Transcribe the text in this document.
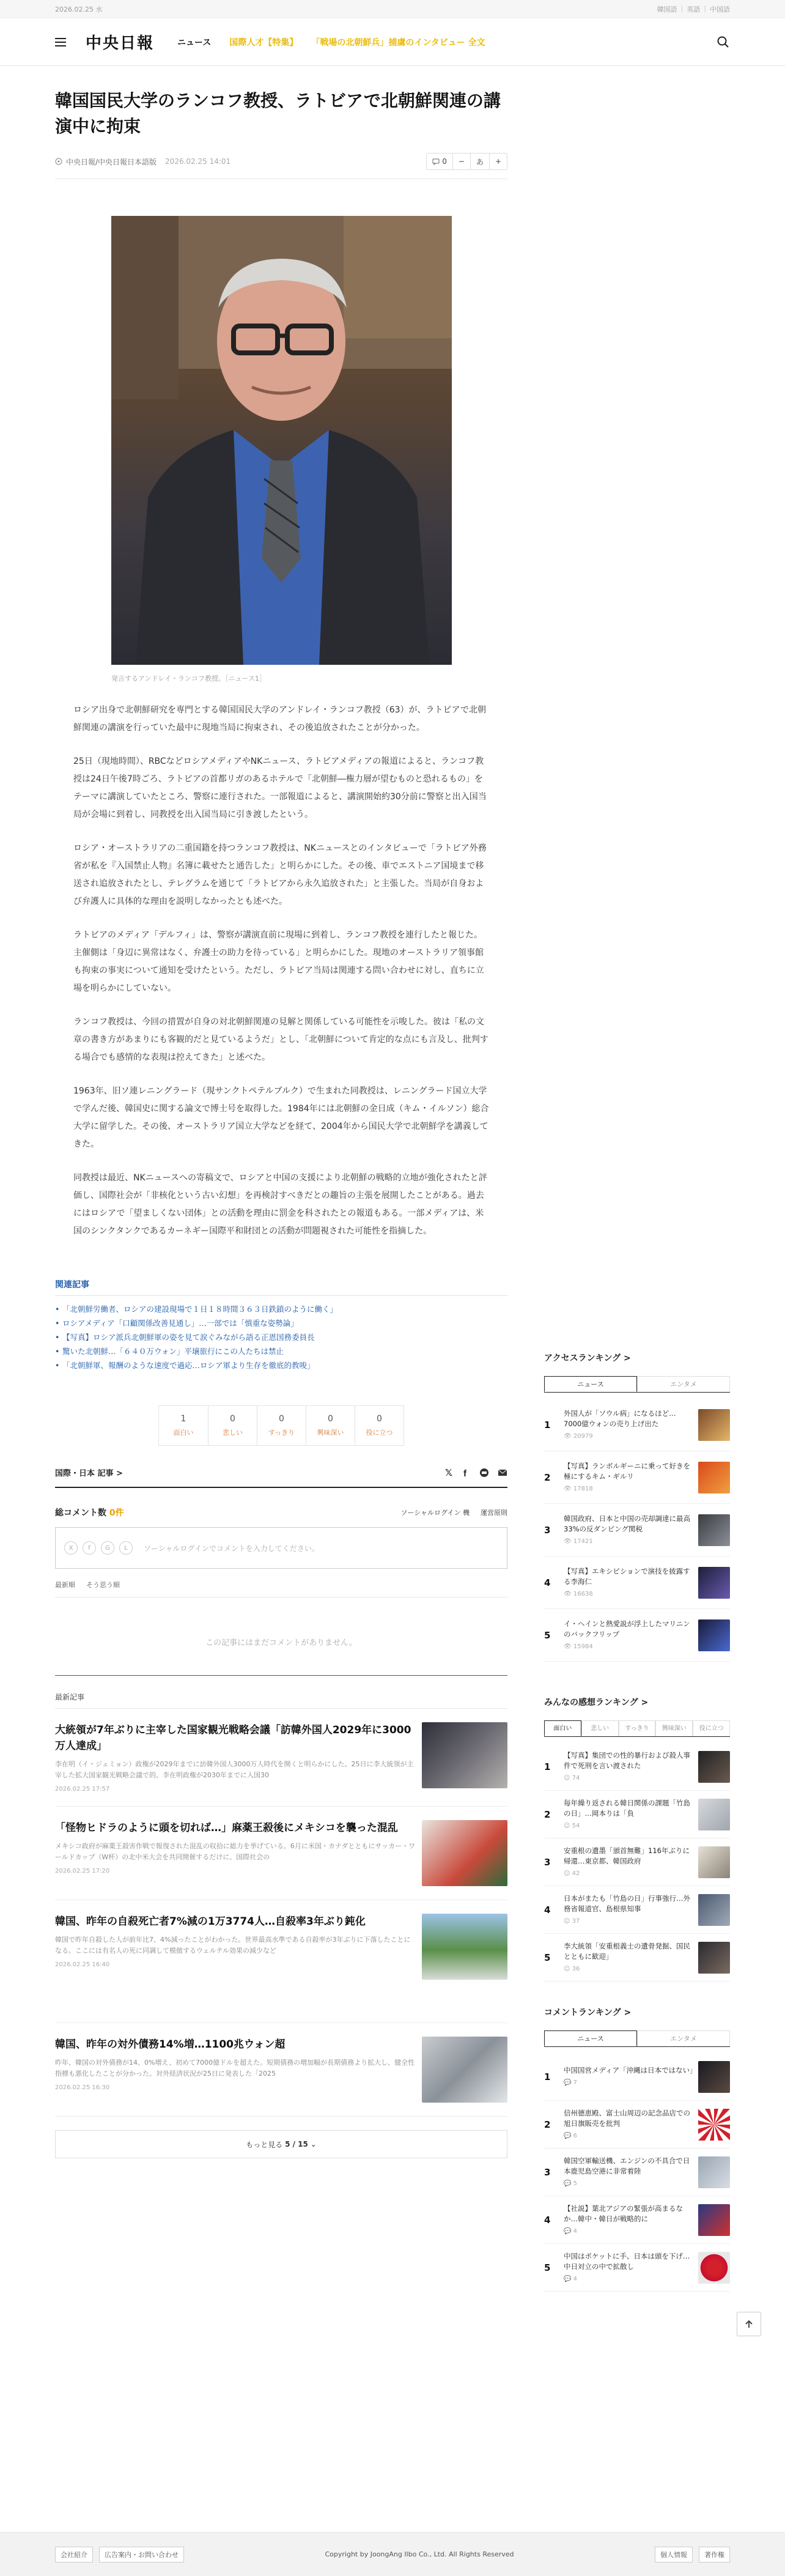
2026.02.25 水	韓国語 | 英語 | 中国語
中央日報	ニュース 国際人才【特集】 「戦場の北朝鮮兵」捕虜のインタビュー 全文
韓国国民大学のランコフ教授、ラトビアで北朝鮮関連の講演中に拘束
中央日報/中央日報日本語版 2026.02.25 14:01	0	−	あ	+
発言するアンドレイ・ランコフ教授。［ニュース1］

ロシア出身で北朝鮮研究を専門とする韓国国民大学のアンドレイ・ランコフ教授（63）が、ラトビアで北朝鮮関連の講演を行っていた最中に現地当局に拘束され、その後追放されたことが分かった。

25日（現地時間）、RBCなどロシアメディアやNKニュース、ラトビアメディアの報道によると、ランコフ教授は24日午後7時ごろ、ラトビアの首都リガのあるホテルで「北朝鮮―権力層が望むものと恐れるもの」をテーマに講演していたところ、警察に連行された。一部報道によると、講演開始約30分前に警察と出入国当局が会場に到着し、同教授を出入国当局に引き渡したという。

ロシア・オーストラリアの二重国籍を持つランコフ教授は、NKニュースとのインタビューで「ラトビア外務省が私を『入国禁止人物』名簿に載せたと通告した」と明らかにした。その後、車でエストニア国境まで移送され追放されたとし、テレグラムを通じて「ラトビアから永久追放された」と主張した。当局が自身および弁護人に具体的な理由を説明しなかったとも述べた。

ラトビアのメディア「デルフィ」は、警察が講演直前に現場に到着し、ランコフ教授を連行したと報じた。主催側は「身辺に異常はなく、弁護士の助力を待っている」と明らかにした。現地のオーストラリア領事館も拘束の事実について通知を受けたという。ただし、ラトビア当局は関連する問い合わせに対し、直ちに立場を明らかにしていない。

ランコフ教授は、今回の措置が自身の対北朝鮮関連の見解と関係している可能性を示唆した。彼は「私の文章の書き方があまりにも客観的だと見ているようだ」とし、「北朝鮮について肯定的な点にも言及し、批判する場合でも感情的な表現は控えてきた」と述べた。

1963年、旧ソ連レニングラード（現サンクトペテルブルク）で生まれた同教授は、レニングラード国立大学で学んだ後、韓国史に関する論文で博士号を取得した。1984年には北朝鮮の金日成（キム・イルソン）総合大学に留学した。その後、オーストラリア国立大学などを経て、2004年から国民大学で北朝鮮学を講義してきた。

同教授は最近、NKニュースへの寄稿文で、ロシアと中国の支援により北朝鮮の戦略的立地が強化されたと評価し、国際社会が「非核化という古い幻想」を再検討すべきだとの趣旨の主張を展開したことがある。過去にはロシアで「望ましくない団体」との活動を理由に罰金を科されたとの報道もある。一部メディアは、米国のシンクタンクであるカーネギー国際平和財団との活動が問題視された可能性を指摘した。

関連記事
• 「北朝鮮労働者、ロシアの建設現場で１日１８時間３６３日鉄鎖のように働く」
• ロシアメディア「口顧関係改善見通し」…一部では「慎重な姿勢論」
• 【写真】ロシア派兵北朝鮮軍の姿を見て涙ぐみながら語る正恩国務委員長
• 驚いた北朝鮮…「６４０万ウォン」平壌旅行にこの人たちは禁止
• 「北朝鮮軍、報酬のような速度で過応…ロシア軍より生存を徹底的教唆」
1
面白い
0
悲しい
0
すっきり
0
興味深い
0
役に立つ
国際・日本 記事 >	𝕏 f
総コメント数 0件	ソーシャルログイン 機 運営原則
X	f	G	L	ソーシャルログインでコメントを入力してください。
最新順 そう思う順
この記事にはまだコメントがありません。
最新記事
大統領が7年ぶりに主宰した国家観光戦略会議「訪韓外国人2029年に3000万人達成」
李在明（イ・ジェミョン）政権が2029年までに訪韓外国人3000万人時代を開くと明らかにした。25日に李大統領が主宰した拡大国家観光戦略会議で的。李在明政権が2030年までに入国30
2026.02.25 17:57
「怪物ヒドラのように頭を切れば…」麻薬王殺後にメキシコを襲った混乱
メキシコ政府が麻薬王殺害作戦で報復された混乱の収拾に総力を挙げている。6月に米国・カナダとともにサッカー・ワールドカップ（W杯）の北中米大会を共同開催するだけに、国際社会の
2026.02.25 17:20
韓国、昨年の自殺死亡者7%減の1万3774人…自殺率3年ぶり鈍化
韓国で昨年自殺した人が前年比7、4%減ったことがわかった。世界最高水準である自殺率が3年ぶりに下落したことになる。ここには有名人の死に同調して模倣するウェルテル効果の減少など
2026.02.25 16:40
韓国、昨年の対外債務14%増…1100兆ウォン超
昨年、韓国の対外債務が14、0%増え、初めて7000億ドルを超えた。短期債務の増加幅が長期債務より拡大し、健全性指標も悪化したことが分かった。対外経済状況が25日に発表した「2025
2026.02.25 16:30
もっと見る
5 / 15 ⌄
アクセスランキング >
ニュース	エンタメ
1
外国人が「ソウル病」になるほど…7000億ウォンの売り上げ出た
👁 20979
2
【写真】ランボルギーニに乗って好きを極にするキム・ギルリ
👁 17818
3
韓国政府、日本と中国の売却調達に最高33%の反ダンピング関税
👁 17421
4
【写真】エキシビションで演技を披露する李海仁
👁 16638
5
イ・ヘインと熱愛説が浮上したマリニンのバックフリップ
👁 15984
みんなの感想ランキング >
面白い	悲しい	すっきり	興味深い	役に立つ
1
【写真】集団での性的暴行および殺人事件で死刑を言い渡された
☺ 74
2
毎年繰り返される韓日関係の課題「竹島の日」…岡本りは「負
☺ 54
3
安重根の遺墨「頒首無難」116年ぶりに帰還…東京都、韓国政府
☺ 42
4
日本がまたも「竹島の日」行事強行…外務省報道官、島根県知事
☺ 37
5
李大統領「安重根義士の遺骨発掘、国民とともに歓迎」
☺ 36
コメントランキング >
ニュース	エンタメ
1
中国国営メディア「沖縄は日本ではない」
💬 7
2
信州德恵殿、富士山周辺の記念品店での旭日旗販売を批判
💬 6
3
韓国空軍輸送機、エンジンの不具合で日本鹿児島空港に非常着陸
💬 5
4
【社説】葉北アジアの緊張が高まるなか…韓中・韓日が戦略的に
💬 4
5
中国はポケットに手、日本は頭を下げ…中日対立の中で拡散し
💬 4
会社紹介	広告案内・お問い合わせ	Copyright by JoongAng Ilbo Co., Ltd. All Rights Reserved	個人情報	著作権
